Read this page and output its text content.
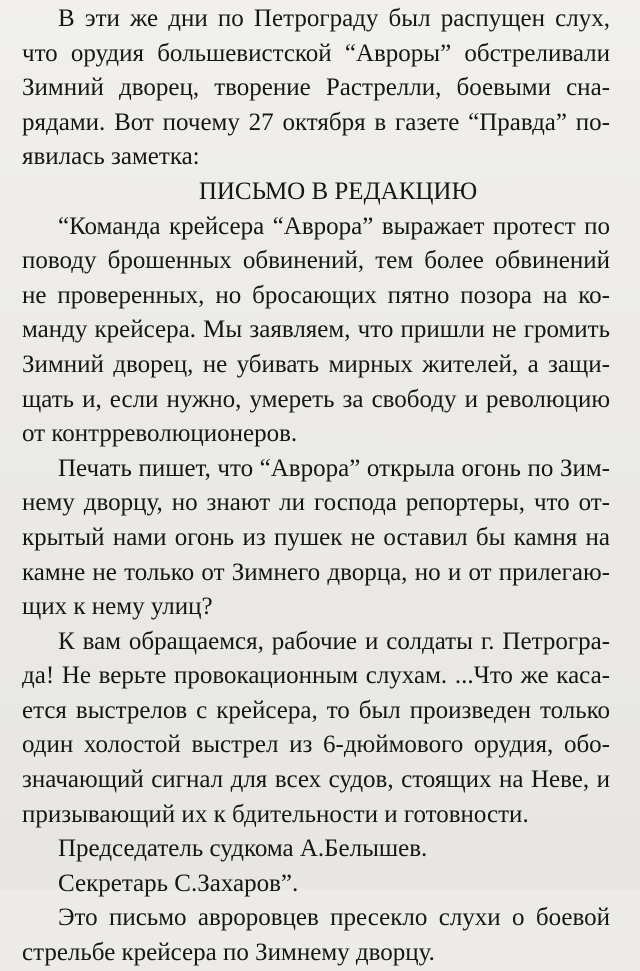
В эти же дни по Петрограду был распущен слух, что орудия большевистской “Авроры” обстреливали Зимний дворец, творение Растрелли, боевыми снарядами. Вот почему 27 октября в газете “Правда” появилась заметка:

ПИСЬМО В РЕДАКЦИЮ

“Команда крейсера “Аврора” выражает протест по поводу брошенных обвинений, тем более обвинений не проверенных, но бросающих пятно позора на команду крейсера. Мы заявляем, что пришли не громить Зимний дворец, не убивать мирных жителей, а защищать и, если нужно, умереть за свободу и революцию от контрреволюционеров.

Печать пишет, что “Аврора” открыла огонь по Зимнему дворцу, но знают ли господа репортеры, что открытый нами огонь из пушек не оставил бы камня на камне не только от Зимнего дворца, но и от прилегающих к нему улиц?

К вам обращаемся, рабочие и солдаты г. Петрограда! Не верьте провокационным слухам. ...Что же касается выстрелов с крейсера, то был произведен только один холостой выстрел из 6-дюймового орудия, обозначающий сигнал для всех судов, стоящих на Неве, и призывающий их к бдительности и готовности.

Председатель судкома А.Белышев.

Секретарь С.Захаров”.

Это письмо авроровцев пресекло слухи о боевой стрельбе крейсера по Зимнему дворцу.
